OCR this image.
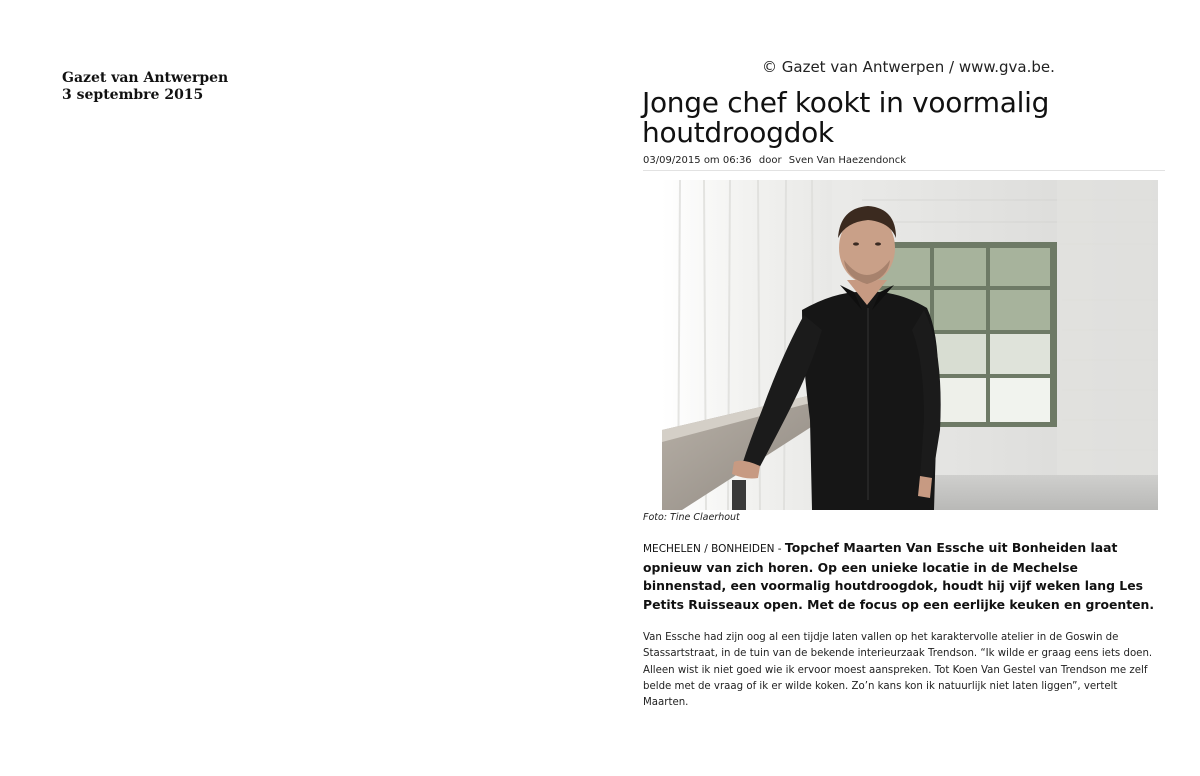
Gazet van Antwerpen
3 septembre 2015
© Gazet van Antwerpen / www.gva.be.
Jonge chef kookt in voormalig houtdroogdok
03/09/2015 om 06:36 door Sven Van Haezendonck
Foto: Tine Claerhout

MECHELEN / BONHEIDEN - Topchef Maarten Van Essche uit Bonheiden laat opnieuw van zich horen. Op een unieke locatie in de Mechelse binnenstad, een voormalig houtdroogdok, houdt hij vijf weken lang Les Petits Ruisseaux open. Met de focus op een eerlijke keuken en groenten.

Van Essche had zijn oog al een tijdje laten vallen op het karaktervolle atelier in de Goswin de Stassartstraat, in de tuin van de bekende interieurzaak Trendson. “Ik wilde er graag eens iets doen. Alleen wist ik niet goed wie ik ervoor moest aanspreken. Tot Koen Van Gestel van Trendson me zelf belde met de vraag of ik er wilde koken. Zo’n kans kon ik natuurlijk niet laten liggen”, vertelt Maarten.
